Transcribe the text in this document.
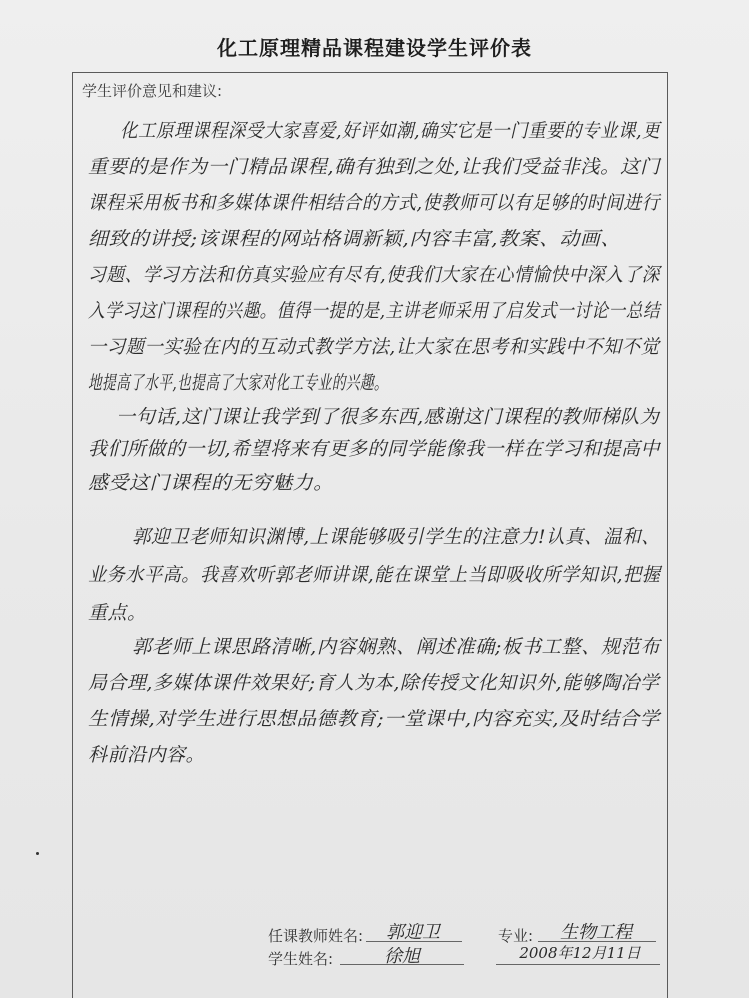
化工原理精品课程建设学生评价表
学生评价意见和建议:
化工原理课程深受大家喜爱,好评如潮,确实它是一门重要的专业课,更
重要的是作为一门精品课程,确有独到之处,让我们受益非浅。这门
课程采用板书和多媒体课件相结合的方式,使教师可以有足够的时间进行
细致的讲授;该课程的网站格调新颖,内容丰富,教案、动画、
习题、学习方法和仿真实验应有尽有,使我们大家在心情愉快中深入了深
入学习这门课程的兴趣。值得一提的是,主讲老师采用了启发式一讨论一总结
一习题一实验在内的互动式教学方法,让大家在思考和实践中不知不觉
地提高了水平,也提高了大家对化工专业的兴趣。
一句话,这门课让我学到了很多东西,感谢这门课程的教师梯队为
我们所做的一切,希望将来有更多的同学能像我一样在学习和提高中
感受这门课程的无穷魅力。
郭迎卫老师知识渊博,上课能够吸引学生的注意力!认真、温和、
业务水平高。我喜欢听郭老师讲课,能在课堂上当即吸收所学知识,把握
重点。
郭老师上课思路清晰,内容娴熟、阐述准确;板书工整、规范布
局合理,多媒体课件效果好;育人为本,除传授文化知识外,能够陶冶学
生情操,对学生进行思想品德教育;一堂课中,内容充实,及时结合学
科前沿内容。
任课教师姓名:	郭迎卫	专业:	生物工程
学生姓名:	徐旭	2008年12月11日
